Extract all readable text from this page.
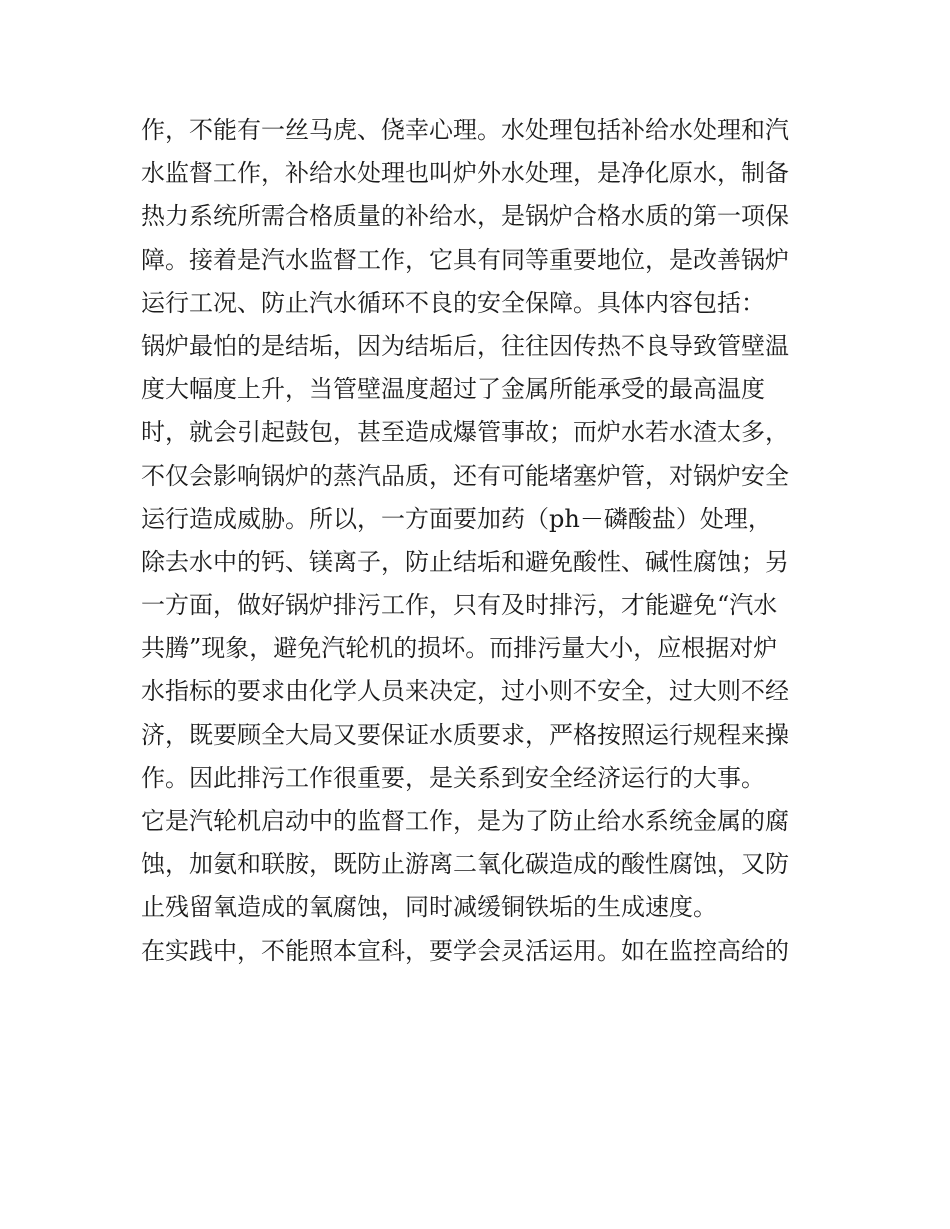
作，不能有一丝马虎、侥幸心理。水处理包括补给水处理和汽
水监督工作，补给水处理也叫炉外水处理，是净化原水，制备
热力系统所需合格质量的补给水，是锅炉合格水质的第一项保
障。接着是汽水监督工作，它具有同等重要地位，是改善锅炉
运行工况、防止汽水循环不良的安全保障。具体内容包括：
锅炉最怕的是结垢，因为结垢后，往往因传热不良导致管壁温
度大幅度上升，当管壁温度超过了金属所能承受的最高温度
时，就会引起鼓包，甚至造成爆管事故；而炉水若水渣太多，
不仅会影响锅炉的蒸汽品质，还有可能堵塞炉管，对锅炉安全
运行造成威胁。所以，一方面要加药（ph－磷酸盐）处理，
除去水中的钙、镁离子，防止结垢和避免酸性、碱性腐蚀；另
一方面，做好锅炉排污工作，只有及时排污，才能避免“汽水
共腾”现象，避免汽轮机的损坏。而排污量大小，应根据对炉
水指标的要求由化学人员来决定，过小则不安全，过大则不经
济，既要顾全大局又要保证水质要求，严格按照运行规程来操
作。因此排污工作很重要，是关系到安全经济运行的大事。
它是汽轮机启动中的监督工作，是为了防止给水系统金属的腐
蚀，加氨和联胺，既防止游离二氧化碳造成的酸性腐蚀，又防
止残留氧造成的氧腐蚀，同时减缓铜铁垢的生成速度。
在实践中，不能照本宣科，要学会灵活运用。如在监控高给的
